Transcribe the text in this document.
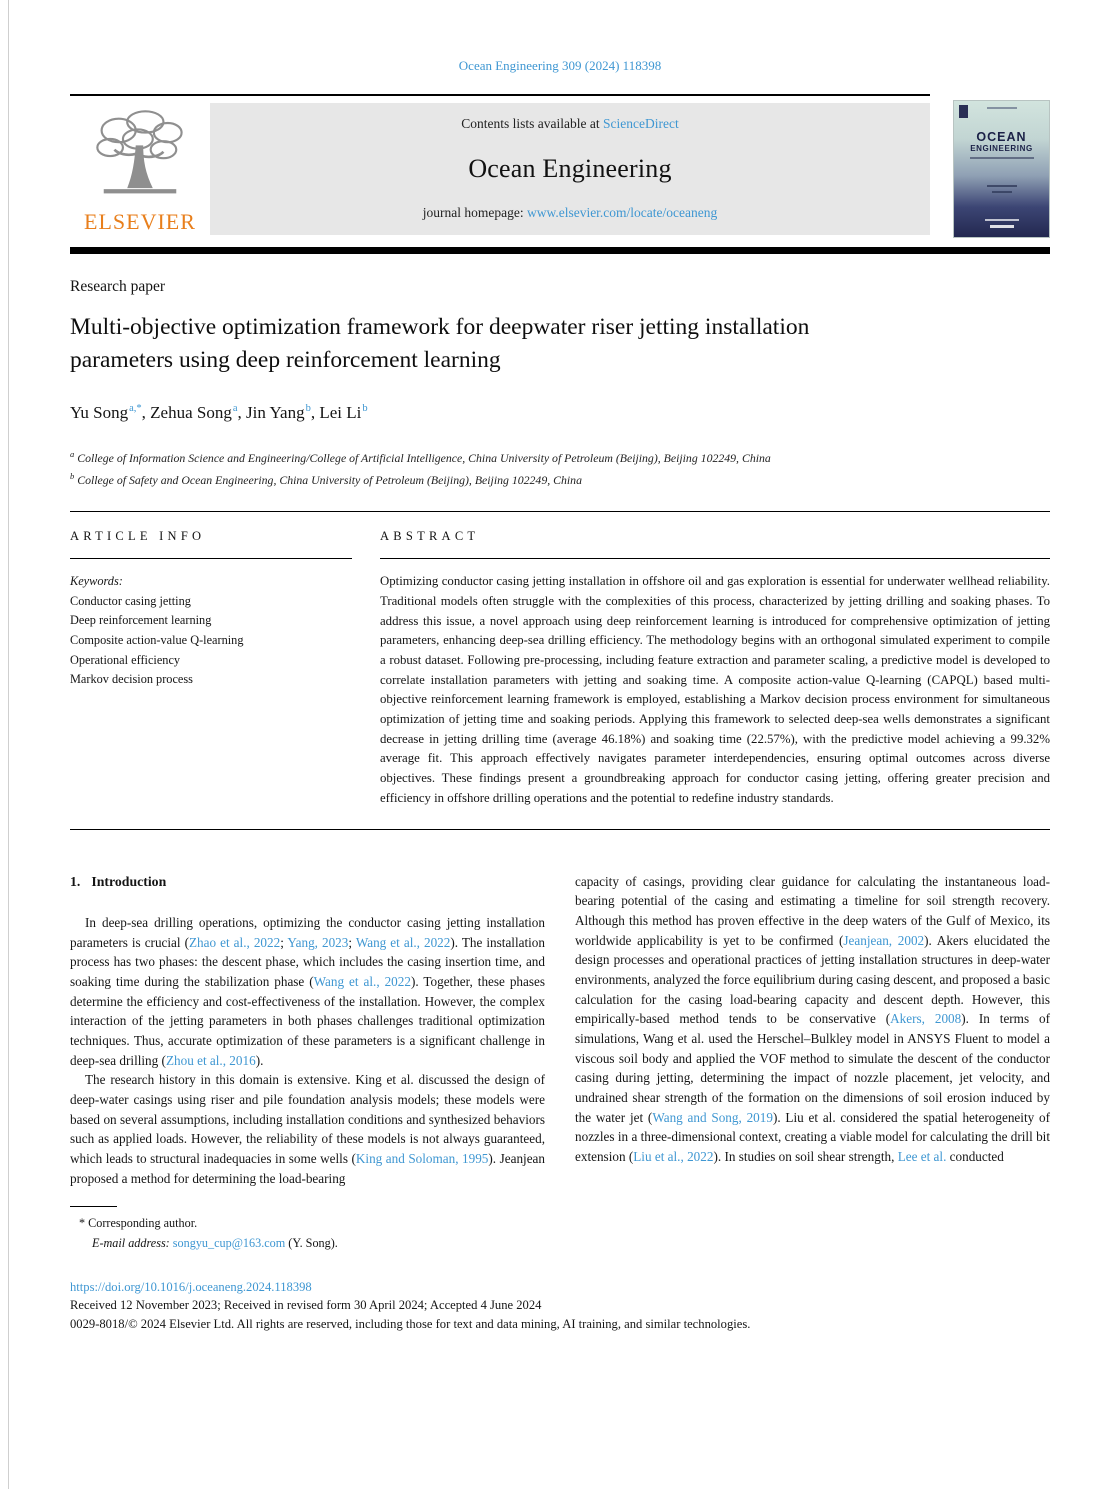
Ocean Engineering 309 (2024) 118398
ELSEVIER
Contents lists available at ScienceDirect
Ocean Engineering
journal homepage: www.elsevier.com/locate/oceaneng
OCEAN
ENGINEERING
Research paper
Multi-objective optimization framework for deepwater riser jetting installation parameters using deep reinforcement learning
Yu Song$^{a,*}$, Zehua Song$^a$, Jin Yang$^b$, Lei Li$^b$
$^a$ College of Information Science and Engineering/College of Artificial Intelligence, China University of Petroleum (Beijing), Beijing 102249, China
$^b$ College of Safety and Ocean Engineering, China University of Petroleum (Beijing), Beijing 102249, China
ARTICLE INFO
Keywords:
Conductor casing jetting
Deep reinforcement learning
Composite action-value Q-learning
Operational efficiency
Markov decision process
ABSTRACT
Optimizing conductor casing jetting installation in offshore oil and gas exploration is essential for underwater wellhead reliability. Traditional models often struggle with the complexities of this process, characterized by jetting drilling and soaking phases. To address this issue, a novel approach using deep reinforcement learning is introduced for comprehensive optimization of jetting parameters, enhancing deep-sea drilling efficiency. The methodology begins with an orthogonal simulated experiment to compile a robust dataset. Following pre-processing, including feature extraction and parameter scaling, a predictive model is developed to correlate installation parameters with jetting and soaking time. A composite action-value Q-learning (CAPQL) based multi-objective reinforcement learning framework is employed, establishing a Markov decision process environment for simultaneous optimization of jetting time and soaking periods. Applying this framework to selected deep-sea wells demonstrates a significant decrease in jetting drilling time (average 46.18%) and soaking time (22.57%), with the predictive model achieving a 99.32% average fit. This approach effectively navigates parameter interdependencies, ensuring optimal outcomes across diverse objectives. These findings present a groundbreaking approach for conductor casing jetting, offering greater precision and efficiency in offshore drilling operations and the potential to redefine industry standards.
1. Introduction

In deep-sea drilling operations, optimizing the conductor casing jetting installation parameters is crucial (Zhao et al., 2022; Yang, 2023; Wang et al., 2022). The installation process has two phases: the descent phase, which includes the casing insertion time, and soaking time during the stabilization phase (Wang et al., 2022). Together, these phases determine the efficiency and cost-effectiveness of the installation. However, the complex interaction of the jetting parameters in both phases challenges traditional optimization techniques. Thus, accurate optimization of these parameters is a significant challenge in deep-sea drilling (Zhou et al., 2016).

The research history in this domain is extensive. King et al. discussed the design of deep-water casings using riser and pile foundation analysis models; these models were based on several assumptions, including installation conditions and synthesized behaviors such as applied loads. However, the reliability of these models is not always guaranteed, which leads to structural inadequacies in some wells (King and Soloman, 1995). Jeanjean proposed a method for determining the load-bearing

capacity of casings, providing clear guidance for calculating the instantaneous load-bearing potential of the casing and estimating a timeline for soil strength recovery. Although this method has proven effective in the deep waters of the Gulf of Mexico, its worldwide applicability is yet to be confirmed (Jeanjean, 2002). Akers elucidated the design processes and operational practices of jetting installation structures in deep-water environments, analyzed the force equilibrium during casing descent, and proposed a basic calculation for the casing load-bearing capacity and descent depth. However, this empirically-based method tends to be conservative (Akers, 2008). In terms of simulations, Wang et al. used the Herschel–Bulkley model in ANSYS Fluent to model a viscous soil body and applied the VOF method to simulate the descent of the conductor casing during jetting, determining the impact of nozzle placement, jet velocity, and undrained shear strength of the formation on the dimensions of soil erosion induced by the water jet (Wang and Song, 2019). Liu et al. considered the spatial heterogeneity of nozzles in a three-dimensional context, creating a viable model for calculating the drill bit extension (Liu et al., 2022). In studies on soil shear strength, Lee et al. conducted

* Corresponding author.
E-mail address: songyu_cup@163.com (Y. Song).
https://doi.org/10.1016/j.oceaneng.2024.118398
Received 12 November 2023; Received in revised form 30 April 2024; Accepted 4 June 2024
0029-8018/© 2024 Elsevier Ltd. All rights are reserved, including those for text and data mining, AI training, and similar technologies.
